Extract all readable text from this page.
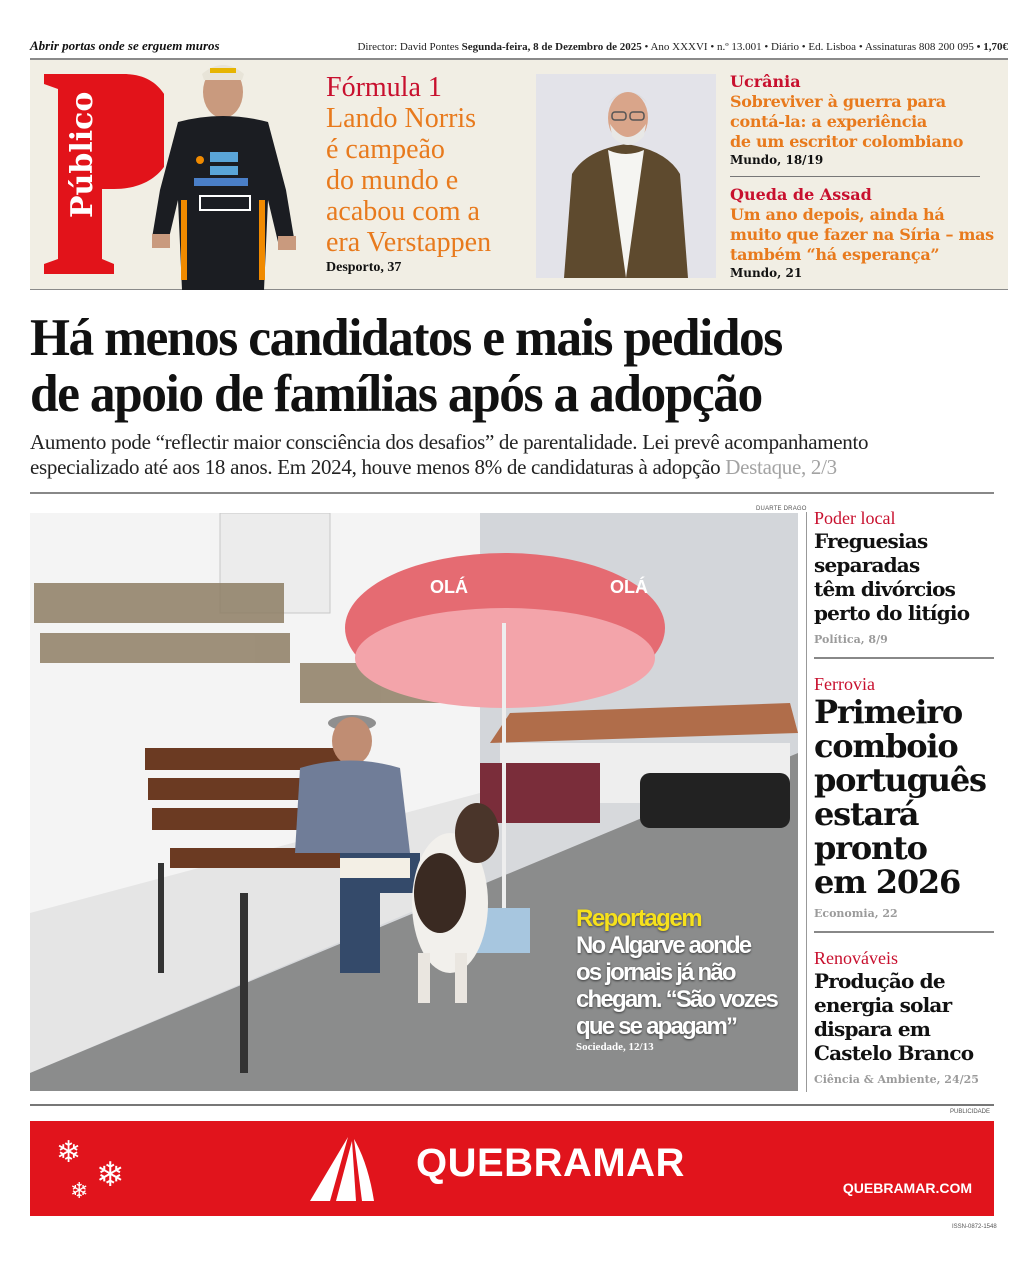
Abrir portas onde se erguem muros	Director: David Pontes Segunda-feira, 8 de Dezembro de 2025 • Ano XXXVI • n.º 13.001 • Diário • Ed. Lisboa • Assinaturas 808 200 095 • 1,70€
Público
Fórmula 1
Lando Norris
é campeão
do mundo e
acabou com a
era Verstappen
Desporto, 37
Ucrânia
Sobreviver à guerra para
contá-la: a experiência
de um escritor colombiano
Mundo, 18/19
Queda de Assad
Um ano depois, ainda há
muito que fazer na Síria – mas
também “há esperança”
Mundo, 21
Há menos candidatos e mais pedidos
de apoio de famílias após a adopção
Aumento pode “reflectir maior consciência dos desafios” de parentalidade. Lei prevê acompanhamento
especializado até aos 18 anos. Em 2024, houve menos 8% de candidaturas à adopção Destaque, 2/3
DUARTE DRAGO
OLÁ	OLÁ
Reportagem
No Algarve aonde
os jornais já não
chegam. “São vozes
que se apagam”
Sociedade, 12/13
Poder local
Freguesias
separadas
têm divórcios
perto do litígio
Política, 8/9
Ferrovia
Primeiro
comboio
português
estará
pronto
em 2026
Economia, 22
Renováveis
Produção de
energia solar
dispara em
Castelo Branco
Ciência & Ambiente, 24/25
PUBLICIDADE
❄
❄
❄
QUEBRAMAR
QUEBRAMAR.COM
ISSN-0872-1548
